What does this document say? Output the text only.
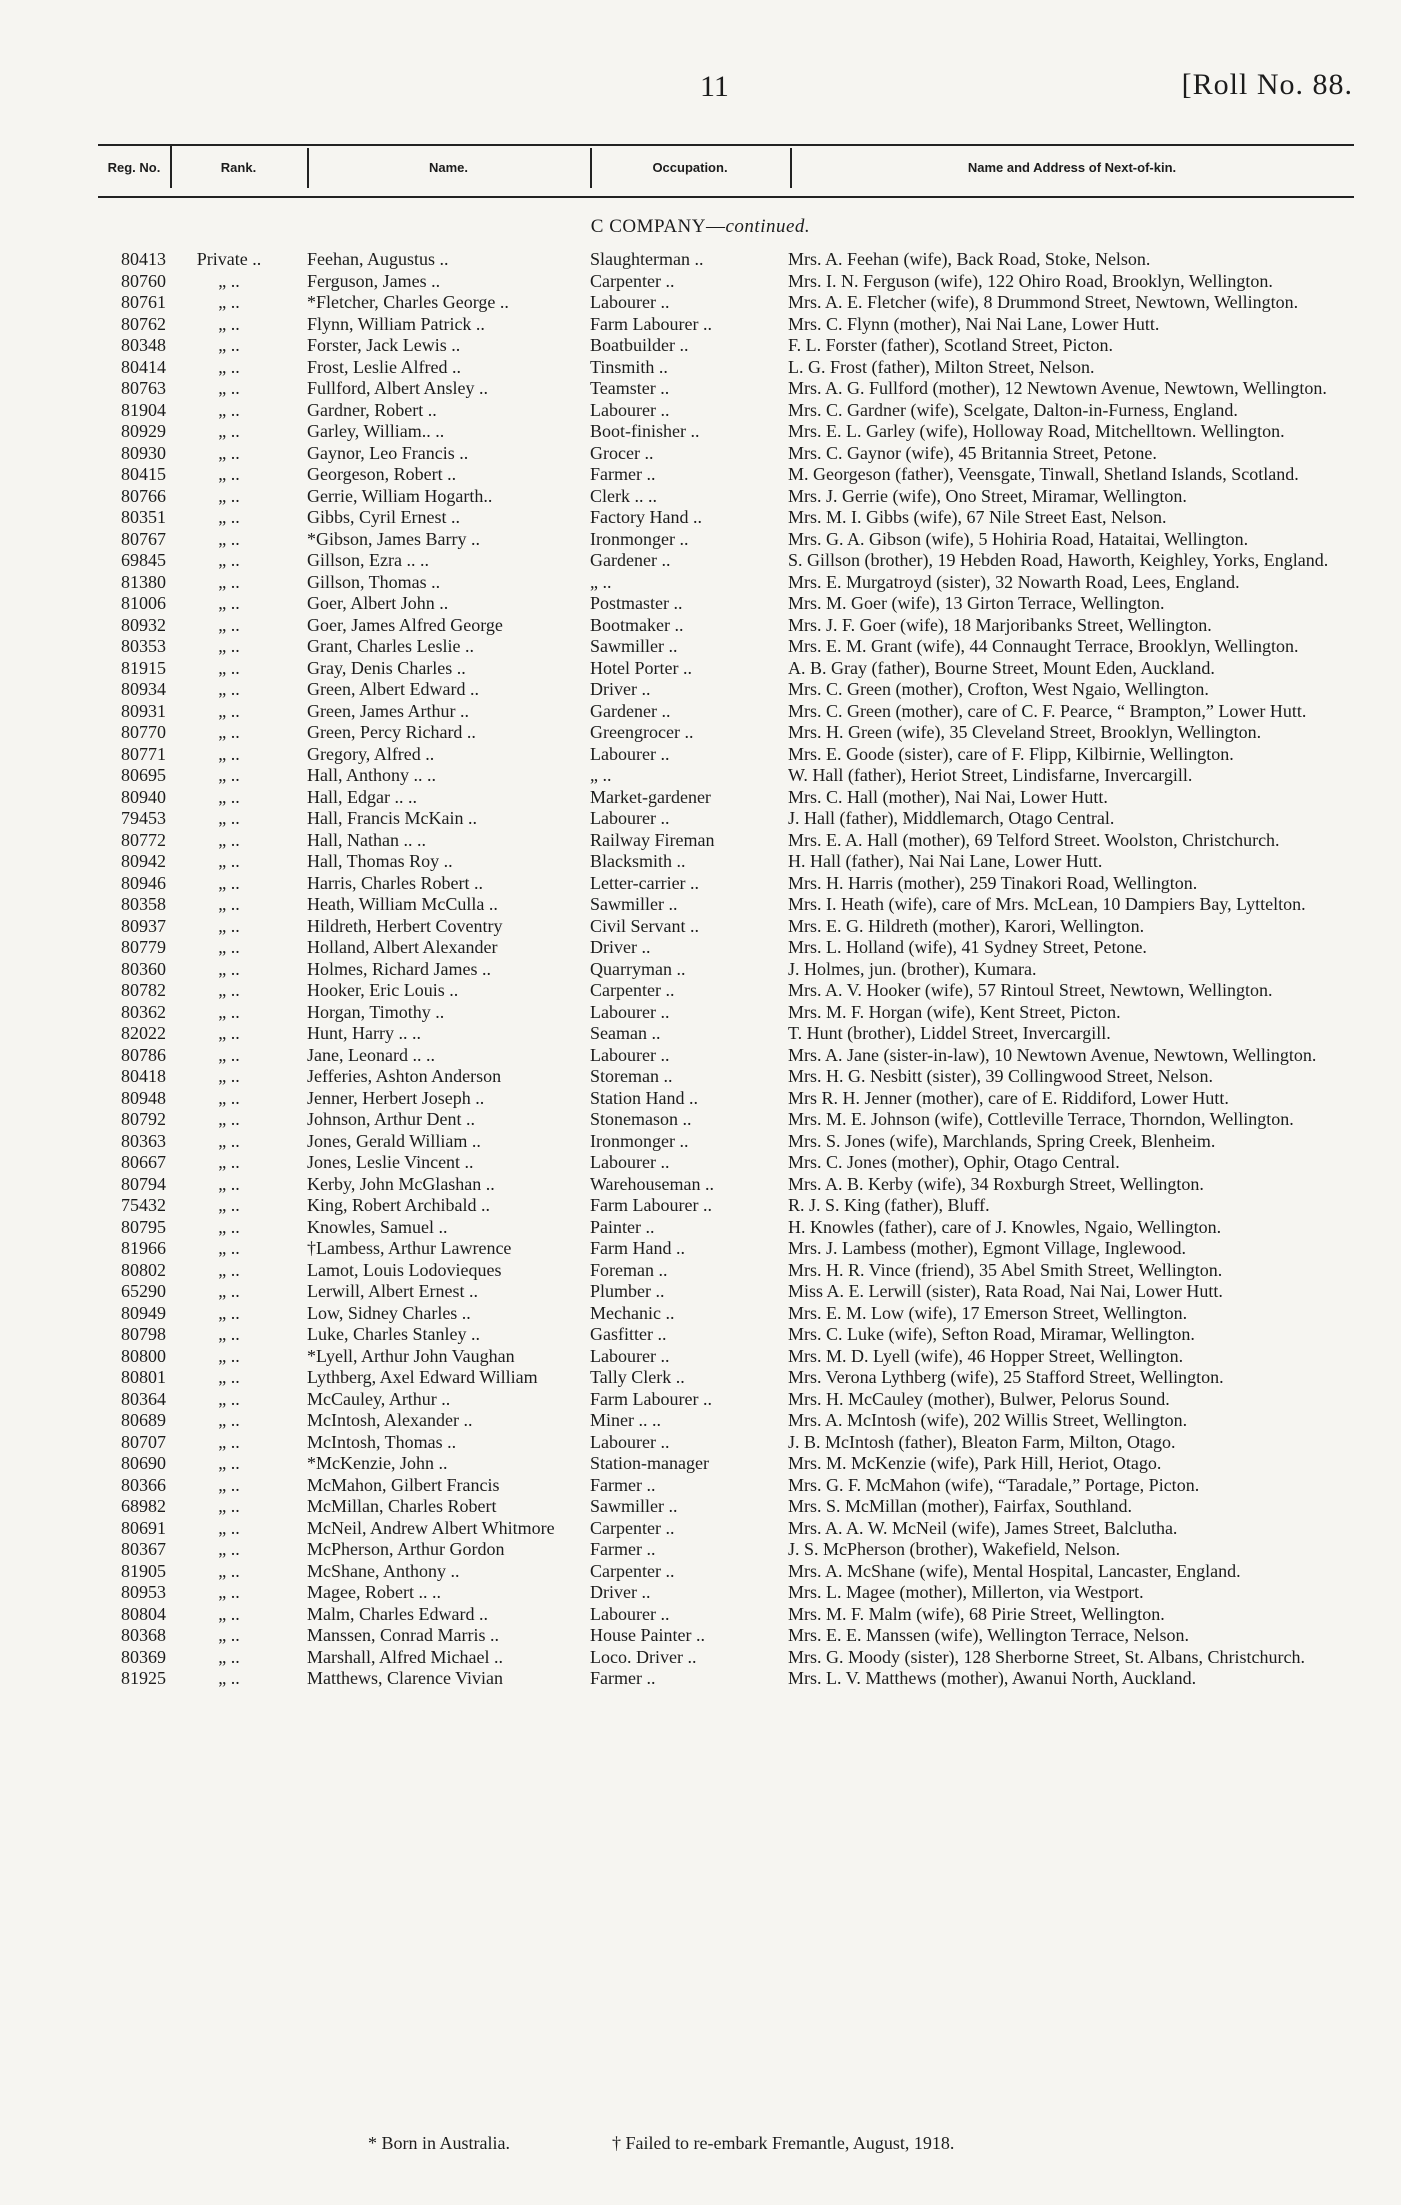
11	[Roll No. 88.
Reg. No.	Rank.	Name.	Occupation.	Name and Address of Next-of-kin.
C COMPANY—continued.
80413	Private ..	Feehan, Augustus ..	Slaughterman ..	Mrs. A. Feehan (wife), Back Road, Stoke, Nelson.
80760	„ ..	Ferguson, James ..	Carpenter ..	Mrs. I. N. Ferguson (wife), 122 Ohiro Road, Brooklyn, Wellington.
80761	„ ..	*Fletcher, Charles George ..	Labourer ..	Mrs. A. E. Fletcher (wife), 8 Drummond Street, Newtown, Wellington.
80762	„ ..	Flynn, William Patrick ..	Farm Labourer ..	Mrs. C. Flynn (mother), Nai Nai Lane, Lower Hutt.
80348	„ ..	Forster, Jack Lewis ..	Boatbuilder ..	F. L. Forster (father), Scotland Street, Picton.
80414	„ ..	Frost, Leslie Alfred ..	Tinsmith ..	L. G. Frost (father), Milton Street, Nelson.
80763	„ ..	Fullford, Albert Ansley ..	Teamster ..	Mrs. A. G. Fullford (mother), 12 Newtown Avenue, Newtown, Wellington.
81904	„ ..	Gardner, Robert ..	Labourer ..	Mrs. C. Gardner (wife), Scelgate, Dalton-in-Furness, England.
80929	„ ..	Garley, William.. ..	Boot-finisher ..	Mrs. E. L. Garley (wife), Holloway Road, Mitchelltown. Wellington.
80930	„ ..	Gaynor, Leo Francis ..	Grocer ..	Mrs. C. Gaynor (wife), 45 Britannia Street, Petone.
80415	„ ..	Georgeson, Robert ..	Farmer ..	M. Georgeson (father), Veensgate, Tinwall, Shetland Islands, Scotland.
80766	„ ..	Gerrie, William Hogarth..	Clerk .. ..	Mrs. J. Gerrie (wife), Ono Street, Miramar, Wellington.
80351	„ ..	Gibbs, Cyril Ernest ..	Factory Hand ..	Mrs. M. I. Gibbs (wife), 67 Nile Street East, Nelson.
80767	„ ..	*Gibson, James Barry ..	Ironmonger ..	Mrs. G. A. Gibson (wife), 5 Hohiria Road, Hataitai, Wellington.
69845	„ ..	Gillson, Ezra .. ..	Gardener ..	S. Gillson (brother), 19 Hebden Road, Haworth, Keighley, Yorks, England.
81380	„ ..	Gillson, Thomas ..	„ ..	Mrs. E. Murgatroyd (sister), 32 Nowarth Road, Lees, England.
81006	„ ..	Goer, Albert John ..	Postmaster ..	Mrs. M. Goer (wife), 13 Girton Terrace, Wellington.
80932	„ ..	Goer, James Alfred George	Bootmaker ..	Mrs. J. F. Goer (wife), 18 Marjoribanks Street, Wellington.
80353	„ ..	Grant, Charles Leslie ..	Sawmiller ..	Mrs. E. M. Grant (wife), 44 Connaught Terrace, Brooklyn, Wellington.
81915	„ ..	Gray, Denis Charles ..	Hotel Porter ..	A. B. Gray (father), Bourne Street, Mount Eden, Auckland.
80934	„ ..	Green, Albert Edward ..	Driver ..	Mrs. C. Green (mother), Crofton, West Ngaio, Wellington.
80931	„ ..	Green, James Arthur ..	Gardener ..	Mrs. C. Green (mother), care of C. F. Pearce, “ Brampton,” Lower Hutt.
80770	„ ..	Green, Percy Richard ..	Greengrocer ..	Mrs. H. Green (wife), 35 Cleveland Street, Brooklyn, Wellington.
80771	„ ..	Gregory, Alfred ..	Labourer ..	Mrs. E. Goode (sister), care of F. Flipp, Kilbirnie, Wellington.
80695	„ ..	Hall, Anthony .. ..	„ ..	W. Hall (father), Heriot Street, Lindisfarne, Invercargill.
80940	„ ..	Hall, Edgar .. ..	Market-gardener	Mrs. C. Hall (mother), Nai Nai, Lower Hutt.
79453	„ ..	Hall, Francis McKain ..	Labourer ..	J. Hall (father), Middlemarch, Otago Central.
80772	„ ..	Hall, Nathan .. ..	Railway Fireman	Mrs. E. A. Hall (mother), 69 Telford Street. Woolston, Christchurch.
80942	„ ..	Hall, Thomas Roy ..	Blacksmith ..	H. Hall (father), Nai Nai Lane, Lower Hutt.
80946	„ ..	Harris, Charles Robert ..	Letter-carrier ..	Mrs. H. Harris (mother), 259 Tinakori Road, Wellington.
80358	„ ..	Heath, William McCulla ..	Sawmiller ..	Mrs. I. Heath (wife), care of Mrs. McLean, 10 Dampiers Bay, Lyttelton.
80937	„ ..	Hildreth, Herbert Coventry	Civil Servant ..	Mrs. E. G. Hildreth (mother), Karori, Wellington.
80779	„ ..	Holland, Albert Alexander	Driver ..	Mrs. L. Holland (wife), 41 Sydney Street, Petone.
80360	„ ..	Holmes, Richard James ..	Quarryman ..	J. Holmes, jun. (brother), Kumara.
80782	„ ..	Hooker, Eric Louis ..	Carpenter ..	Mrs. A. V. Hooker (wife), 57 Rintoul Street, Newtown, Wellington.
80362	„ ..	Horgan, Timothy ..	Labourer ..	Mrs. M. F. Horgan (wife), Kent Street, Picton.
82022	„ ..	Hunt, Harry .. ..	Seaman ..	T. Hunt (brother), Liddel Street, Invercargill.
80786	„ ..	Jane, Leonard .. ..	Labourer ..	Mrs. A. Jane (sister-in-law), 10 Newtown Avenue, Newtown, Wellington.
80418	„ ..	Jefferies, Ashton Anderson	Storeman ..	Mrs. H. G. Nesbitt (sister), 39 Collingwood Street, Nelson.
80948	„ ..	Jenner, Herbert Joseph ..	Station Hand ..	Mrs R. H. Jenner (mother), care of E. Riddiford, Lower Hutt.
80792	„ ..	Johnson, Arthur Dent ..	Stonemason ..	Mrs. M. E. Johnson (wife), Cottleville Terrace, Thorndon, Wellington.
80363	„ ..	Jones, Gerald William ..	Ironmonger ..	Mrs. S. Jones (wife), Marchlands, Spring Creek, Blenheim.
80667	„ ..	Jones, Leslie Vincent ..	Labourer ..	Mrs. C. Jones (mother), Ophir, Otago Central.
80794	„ ..	Kerby, John McGlashan ..	Warehouseman ..	Mrs. A. B. Kerby (wife), 34 Roxburgh Street, Wellington.
75432	„ ..	King, Robert Archibald ..	Farm Labourer ..	R. J. S. King (father), Bluff.
80795	„ ..	Knowles, Samuel ..	Painter ..	H. Knowles (father), care of J. Knowles, Ngaio, Wellington.
81966	„ ..	†Lambess, Arthur Lawrence	Farm Hand ..	Mrs. J. Lambess (mother), Egmont Village, Inglewood.
80802	„ ..	Lamot, Louis Lodovieques	Foreman ..	Mrs. H. R. Vince (friend), 35 Abel Smith Street, Wellington.
65290	„ ..	Lerwill, Albert Ernest ..	Plumber ..	Miss A. E. Lerwill (sister), Rata Road, Nai Nai, Lower Hutt.
80949	„ ..	Low, Sidney Charles ..	Mechanic ..	Mrs. E. M. Low (wife), 17 Emerson Street, Wellington.
80798	„ ..	Luke, Charles Stanley ..	Gasfitter ..	Mrs. C. Luke (wife), Sefton Road, Miramar, Wellington.
80800	„ ..	*Lyell, Arthur John Vaughan	Labourer ..	Mrs. M. D. Lyell (wife), 46 Hopper Street, Wellington.
80801	„ ..	Lythberg, Axel Edward William	Tally Clerk ..	Mrs. Verona Lythberg (wife), 25 Stafford Street, Wellington.
80364	„ ..	McCauley, Arthur ..	Farm Labourer ..	Mrs. H. McCauley (mother), Bulwer, Pelorus Sound.
80689	„ ..	McIntosh, Alexander ..	Miner .. ..	Mrs. A. McIntosh (wife), 202 Willis Street, Wellington.
80707	„ ..	McIntosh, Thomas ..	Labourer ..	J. B. McIntosh (father), Bleaton Farm, Milton, Otago.
80690	„ ..	*McKenzie, John ..	Station-manager	Mrs. M. McKenzie (wife), Park Hill, Heriot, Otago.
80366	„ ..	McMahon, Gilbert Francis	Farmer ..	Mrs. G. F. McMahon (wife), “Taradale,” Portage, Picton.
68982	„ ..	McMillan, Charles Robert	Sawmiller ..	Mrs. S. McMillan (mother), Fairfax, Southland.
80691	„ ..	McNeil, Andrew Albert Whitmore	Carpenter ..	Mrs. A. A. W. McNeil (wife), James Street, Balclutha.
80367	„ ..	McPherson, Arthur Gordon	Farmer ..	J. S. McPherson (brother), Wakefield, Nelson.
81905	„ ..	McShane, Anthony ..	Carpenter ..	Mrs. A. McShane (wife), Mental Hospital, Lancaster, England.
80953	„ ..	Magee, Robert .. ..	Driver ..	Mrs. L. Magee (mother), Millerton, via Westport.
80804	„ ..	Malm, Charles Edward ..	Labourer ..	Mrs. M. F. Malm (wife), 68 Pirie Street, Wellington.
80368	„ ..	Manssen, Conrad Marris ..	House Painter ..	Mrs. E. E. Manssen (wife), Wellington Terrace, Nelson.
80369	„ ..	Marshall, Alfred Michael ..	Loco. Driver ..	Mrs. G. Moody (sister), 128 Sherborne Street, St. Albans, Christchurch.
81925	„ ..	Matthews, Clarence Vivian	Farmer ..	Mrs. L. V. Matthews (mother), Awanui North, Auckland.
* Born in Australia.	† Failed to re-embark Fremantle, August, 1918.
